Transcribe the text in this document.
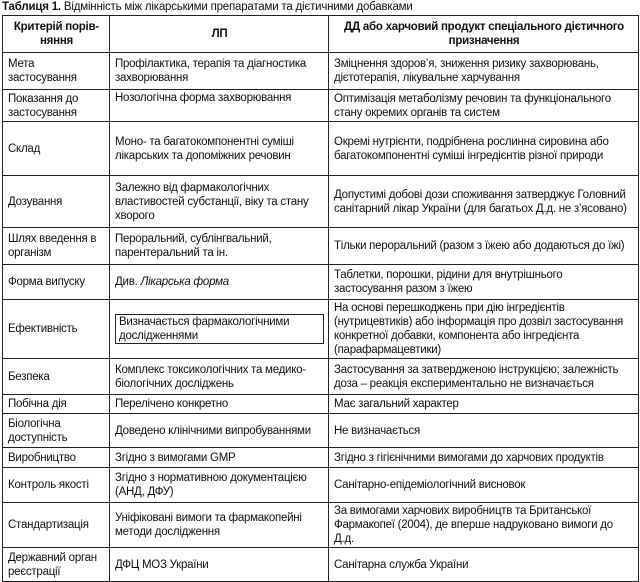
Таблиця 1. Відмінність між лікарськими препаратами та дієтичними добавками
Критерій порівняння	ЛП	ДД або харчовий продукт спеціального дієтичного призначення
Мета застосування	Профілактика, терапія та діагностика захворювання	Зміцнення здоров’я, зниження ризику захворювань, дієтотерапія, лікувальне харчування
Показання до застосування	Нозологічна форма захворювання	Оптимізація метаболізму речовин та функціонального стану окремих органів та систем
Склад	Моно- та багатокомпонентні суміші лікарських та допоміжних речовин	Окремі нутрієнти, подрібнена рослинна сировина або багатокомпонентні суміші інгредієнтів різної природи
Дозування	Залежно від фармакологічних властивостей субстанції, віку та стану хворого	Допустимі добові дози споживання затверджує Головний санітарний лікар України (для багатьох Д.д. не з’ясовано)
Шлях введення в організм	Пероральний, сублінгвальний, парентеральний та ін.	Тільки пероральний (разом з їжею або додаються до їжі)
Форма випуску	Див. Лікарська форма	Таблетки, порошки, рідини для внутрішнього застосування разом з їжею
Ефективність	Визначається фармакологічними дослідженнями	На основі перешкоджень при дію інгредієнтів (нутрицевтиків) або інформація про дозвіл застосування конкретної добавки, компонента або інгредієнта (парафармацевтики)
Безпека	Комплекс токсикологічних та медико-біологічних досліджень	Застосування за затвердженою інструкцією; залежність доза – реакція експериментально не визначається
Побічна дія	Перелічено конкретно	Має загальний характер
Біологічна доступність	Доведено клінічними випробуваннями	Не визначається
Виробництво	Згідно з вимогами GMP	Згідно з гігієнічними вимогами до харчових продуктів
Контроль якості	Згідно з нормативною документацією (АНД, ДФУ)	Санітарно-епідеміологічний висновок
Стандартизація	Уніфіковані вимоги та фармакопейні методи дослідження	За вимогами харчових виробництв та Британської Фармакопеї (2004), де вперше надруковано вимоги до Д.д.
Державний орган реєстрації	ДФЦ МОЗ України	Санітарна служба України
